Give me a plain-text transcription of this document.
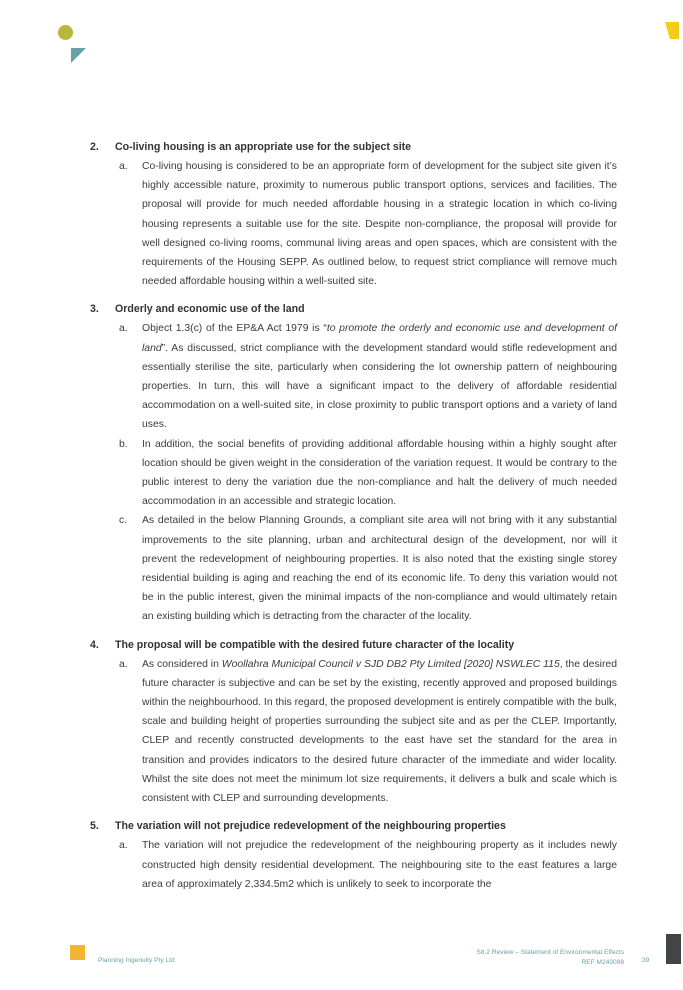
2. Co-living housing is an appropriate use for the subject site
a. Co-living housing is considered to be an appropriate form of development for the subject site given it’s highly accessible nature, proximity to numerous public transport options, services and facilities. The proposal will provide for much needed affordable housing in a strategic location in which co-living housing represents a suitable use for the site. Despite non-compliance, the proposal will provide for well designed co-living rooms, communal living areas and open spaces, which are consistent with the requirements of the Housing SEPP. As outlined below, to request strict compliance will remove much needed affordable housing within a well-suited site.
3. Orderly and economic use of the land
a. Object 1.3(c) of the EP&A Act 1979 is “to promote the orderly and economic use and development of land”. As discussed, strict compliance with the development standard would stifle redevelopment and essentially sterilise the site, particularly when considering the lot ownership pattern of neighbouring properties. In turn, this will have a significant impact to the delivery of affordable residential accommodation on a well-suited site, in close proximity to public transport options and a variety of land uses.
b. In addition, the social benefits of providing additional affordable housing within a highly sought after location should be given weight in the consideration of the variation request. It would be contrary to the public interest to deny the variation due the non-compliance and halt the delivery of much needed accommodation in an accessible and strategic location.
c. As detailed in the below Planning Grounds, a compliant site area will not bring with it any substantial improvements to the site planning, urban and architectural design of the development, nor will it prevent the redevelopment of neighbouring properties. It is also noted that the existing single storey residential building is aging and reaching the end of its economic life. To deny this variation would not be in the public interest, given the minimal impacts of the non-compliance and would ultimately retain an existing building which is detracting from the character of the locality.
4. The proposal will be compatible with the desired future character of the locality
a. As considered in Woollahra Municipal Council v SJD DB2 Pty Limited [2020] NSWLEC 115, the desired future character is subjective and can be set by the existing, recently approved and proposed buildings within the neighbourhood. In this regard, the proposed development is entirely compatible with the bulk, scale and building height of properties surrounding the subject site and as per the CLEP. Importantly, CLEP and recently constructed developments to the east have set the standard for the area in transition and provides indicators to the desired future character of the immediate and wider locality. Whilst the site does not meet the minimum lot size requirements, it delivers a bulk and scale which is consistent with CLEP and surrounding developments.
5. The variation will not prejudice redevelopment of the neighbouring properties
a. The variation will not prejudice the redevelopment of the neighbouring property as it includes newly constructed high density residential development. The neighbouring site to the east features a large area of approximately 2,334.5m2 which is unlikely to seek to incorporate the
Planning Ingenuity Pty Ltd
S8.2 Review – Statement of Environmental Effects
REF M240098	39
